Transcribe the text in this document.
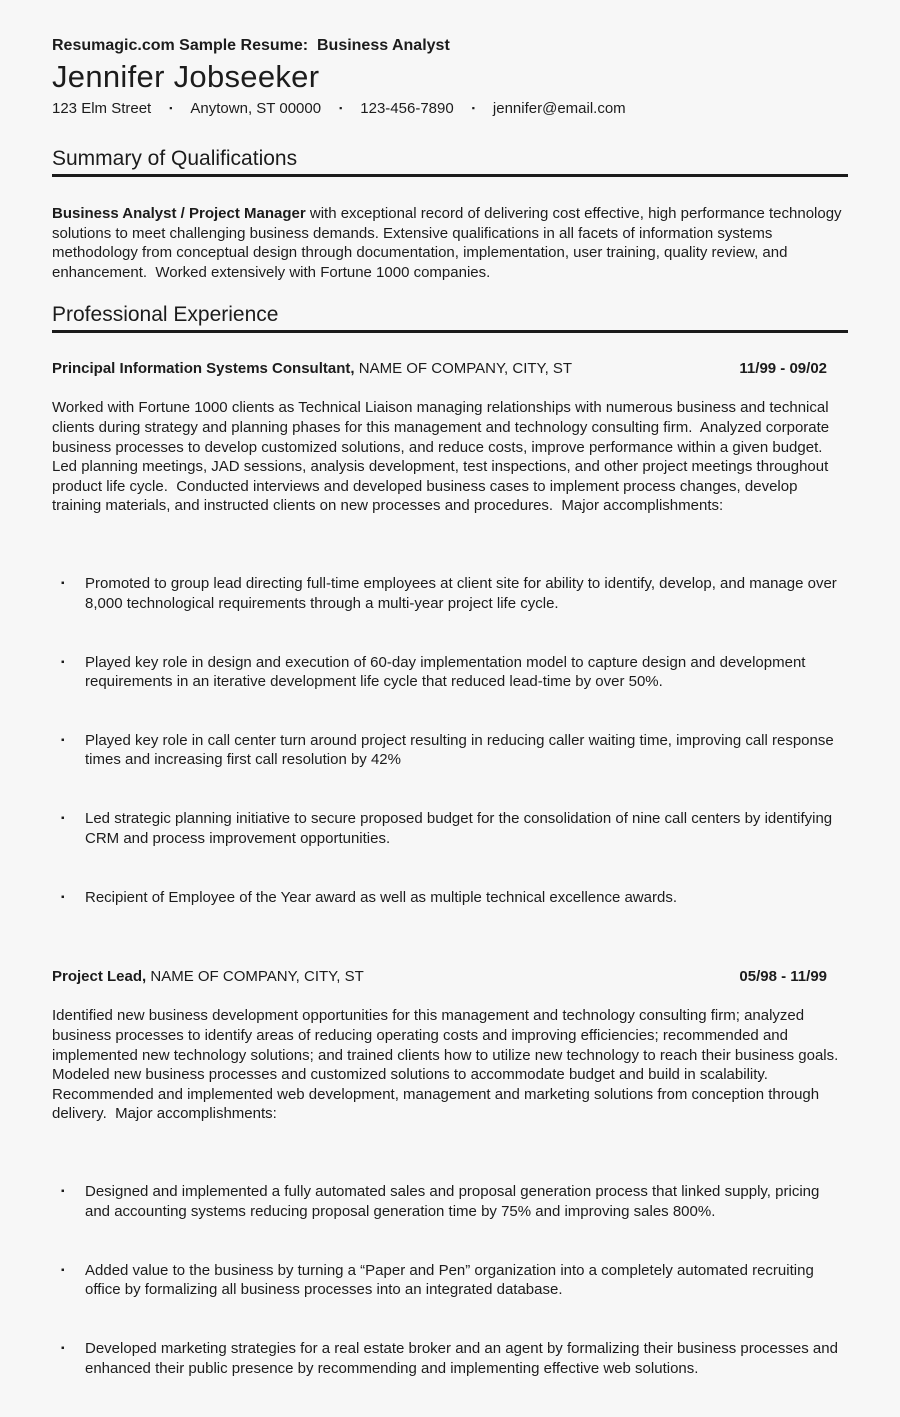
Resumagic.com Sample Resume:  Business Analyst
Jennifer Jobseeker
123 Elm Street ▪ Anytown, ST 00000 ▪ 123-456-7890 ▪ jennifer@email.com
Summary of Qualifications

Business Analyst / Project Manager with exceptional record of delivering cost effective, high performance technology solutions to meet challenging business demands. Extensive qualifications in all facets of information systems methodology from conceptual design through documentation, implementation, user training, quality review, and enhancement.  Worked extensively with Fortune 1000 companies.

Professional Experience
Principal Information Systems Consultant, NAME OF COMPANY, CITY, ST	11/99 - 09/02

Worked with Fortune 1000 clients as Technical Liaison managing relationships with numerous business and technical clients during strategy and planning phases for this management and technology consulting firm.  Analyzed corporate business processes to develop customized solutions, and reduce costs, improve performance within a given budget.  Led planning meetings, JAD sessions, analysis development, test inspections, and other project meetings throughout product life cycle.  Conducted interviews and developed business cases to implement process changes, develop training materials, and instructed clients on new processes and procedures.  Major accomplishments:

▪	Promoted to group lead directing full-time employees at client site for ability to identify, develop, and manage over 8,000 technological requirements through a multi-year project life cycle.

▪	Played key role in design and execution of 60-day implementation model to capture design and development requirements in an iterative development life cycle that reduced lead-time by over 50%.

▪	Played key role in call center turn around project resulting in reducing caller waiting time, improving call response times and increasing first call resolution by 42%

▪	Led strategic planning initiative to secure proposed budget for the consolidation of nine call centers by identifying CRM and process improvement opportunities.

▪	Recipient of Employee of the Year award as well as multiple technical excellence awards.

Project Lead, NAME OF COMPANY, CITY, ST	05/98 - 11/99

Identified new business development opportunities for this management and technology consulting firm; analyzed business processes to identify areas of reducing operating costs and improving efficiencies; recommended and implemented new technology solutions; and trained clients how to utilize new technology to reach their business goals.  Modeled new business processes and customized solutions to accommodate budget and build in scalability.  Recommended and implemented web development, management and marketing solutions from conception through delivery.  Major accomplishments:

▪	Designed and implemented a fully automated sales and proposal generation process that linked supply, pricing and accounting systems reducing proposal generation time by 75% and improving sales 800%.

▪	Added value to the business by turning a “Paper and Pen” organization into a completely automated recruiting office by formalizing all business processes into an integrated database.

▪	Developed marketing strategies for a real estate broker and an agent by formalizing their business processes and enhanced their public presence by recommending and implementing effective web solutions.
